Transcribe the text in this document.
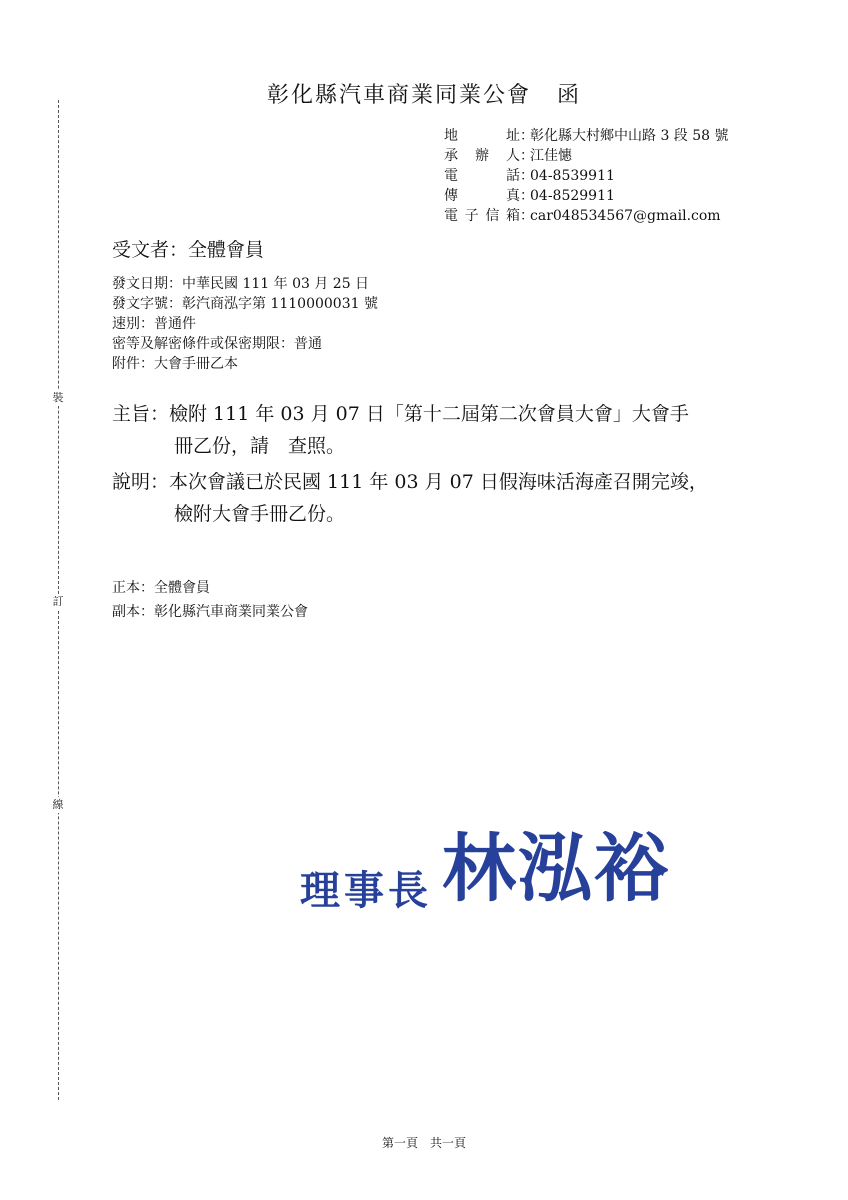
裝
訂
線
彰化縣汽車商業同業公會 函
地　　址：彰化縣大村鄉中山路 3 段 58 號
承 辦 人：江佳憓
電　　話：04-8539911
傳　　真：04-8529911
電子信箱：car048534567@gmail.com
受文者：全體會員
發文日期：中華民國 111 年 03 月 25 日
發文字號：彰汽商泓字第 1110000031 號
速別：普通件
密等及解密條件或保密期限：普通
附件：大會手冊乙本
主旨：檢附 111 年 03 月 07 日「第十二屆第二次會員大會」大會手
冊乙份，請　查照。
說明：本次會議已於民國 111 年 03 月 07 日假海味活海產召開完竣，
檢附大會手冊乙份。
正本：全體會員
副本：彰化縣汽車商業同業公會
理事長 林泓裕
第一頁　共一頁
